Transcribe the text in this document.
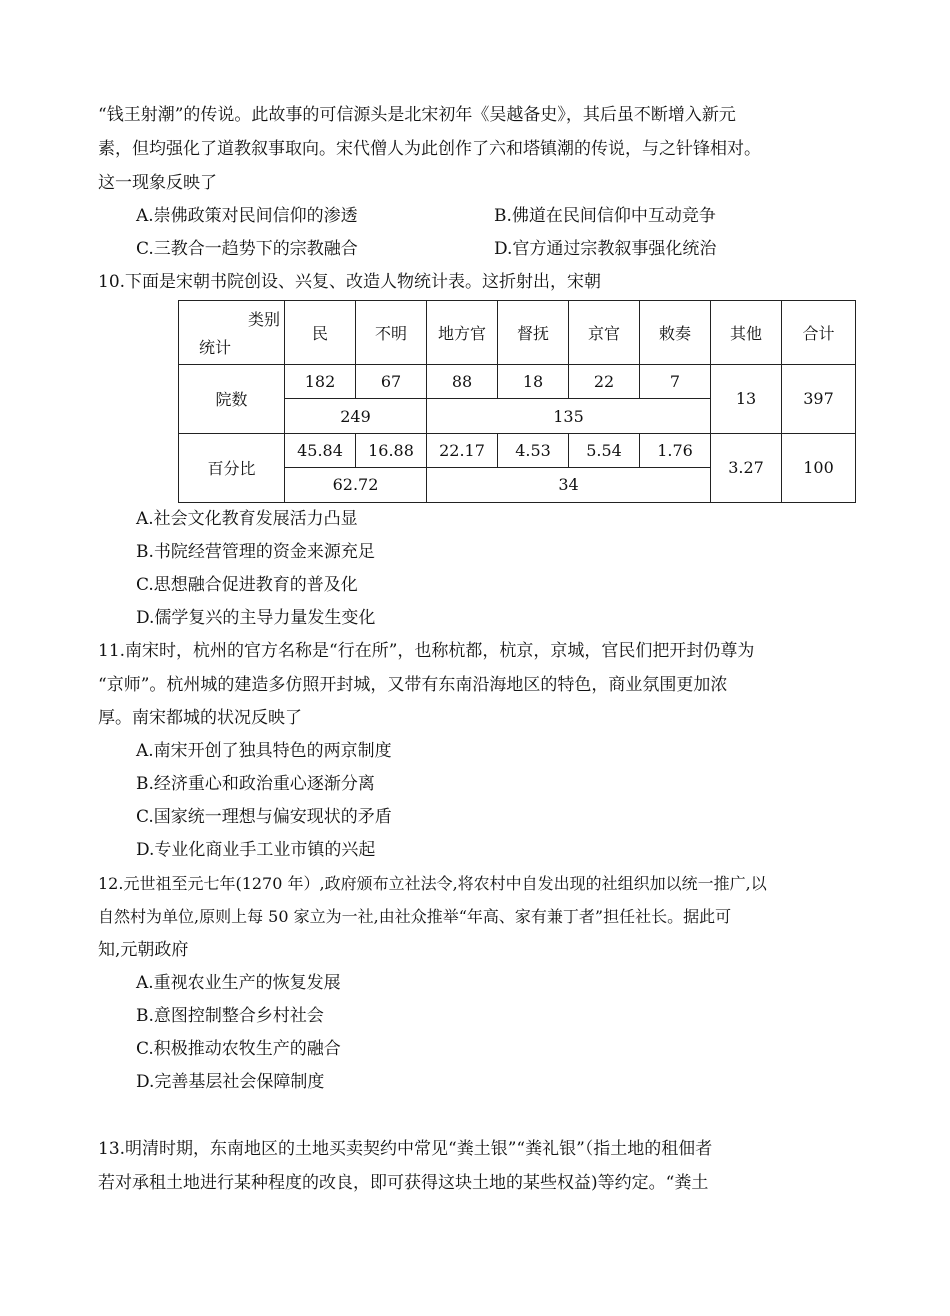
“钱王射潮”的传说。此故事的可信源头是北宋初年《吴越备史》，其后虽不断增入新元
素，但均强化了道教叙事取向。宋代僧人为此创作了六和塔镇潮的传说，与之针锋相对。
这一现象反映了
A.崇佛政策对民间信仰的渗透	B.佛道在民间信仰中互动竞争
C.三教合一趋势下的宗教融合	D.官方通过宗教叙事强化统治
10.下面是宋朝书院创设、兴复、改造人物统计表。这折射出，宋朝
类别
统计	民	不明	地方官	督抚	京官	敕奏	其他	合计
院数	182	67	88	18	22	7	13	397
	249		135					
百分比	45.84	16.88	22.17	4.53	5.54	1.76	3.27	100
	62.72		34					
A.社会文化教育发展活力凸显
B.书院经营管理的资金来源充足
C.思想融合促进教育的普及化
D.儒学复兴的主导力量发生变化
11.南宋时，杭州的官方名称是“行在所”，也称杭都，杭京，京城，官民们把开封仍尊为
“京师”。杭州城的建造多仿照开封城，又带有东南沿海地区的特色，商业氛围更加浓
厚。南宋都城的状况反映了
A.南宋开创了独具特色的两京制度
B.经济重心和政治重心逐渐分离
C.国家统一理想与偏安现状的矛盾
D.专业化商业手工业市镇的兴起
12.元世祖至元七年(1270 年）,政府颁布立社法令,将农村中自发出现的社组织加以统一推广,以
自然村为单位,原则上每 50 家立为一社,由社众推举“年高、家有兼丁者”担任社长。据此可
知,元朝政府
A.重视农业生产的恢复发展
B.意图控制整合乡村社会
C.积极推动农牧生产的融合
D.完善基层社会保障制度
13.明清时期，东南地区的土地买卖契约中常见“粪土银”“粪礼银”（指土地的租佃者
若对承租土地进行某种程度的改良，即可获得这块土地的某些权益)等约定。“粪土
